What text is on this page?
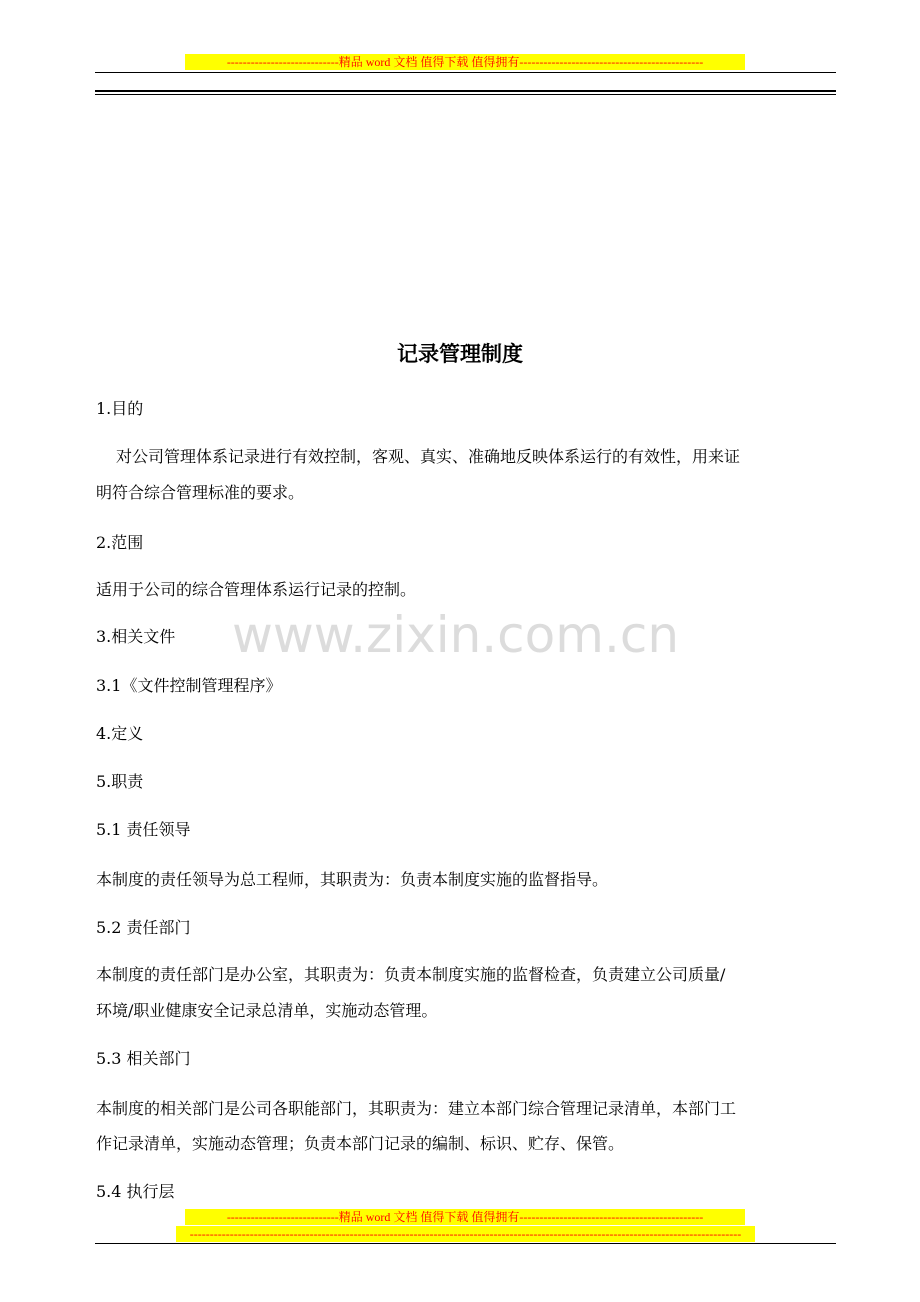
----------------------------精品 word 文档 值得下载 值得拥有----------------------------------------------
www.zixin.com.cn
记录管理制度
1.目的
对公司管理体系记录进行有效控制，客观、真实、准确地反映体系运行的有效性，用来证
明符合综合管理标准的要求。
2.范围
适用于公司的综合管理体系运行记录的控制。
3.相关文件
3.1《文件控制管理程序》
4.定义
5.职责
5.1 责任领导
本制度的责任领导为总工程师，其职责为：负责本制度实施的监督指导。
5.2 责任部门
本制度的责任部门是办公室，其职责为：负责本制度实施的监督检查，负责建立公司质量/
环境/职业健康安全记录总清单，实施动态管理。
5.3 相关部门
本制度的相关部门是公司各职能部门，其职责为：建立本部门综合管理记录清单，本部门工
作记录清单，实施动态管理；负责本部门记录的编制、标识、贮存、保管。
5.4 执行层
----------------------------精品 word 文档 值得下载 值得拥有----------------------------------------------
------------------------------------------------------------------------------------------------------------------------------------------
